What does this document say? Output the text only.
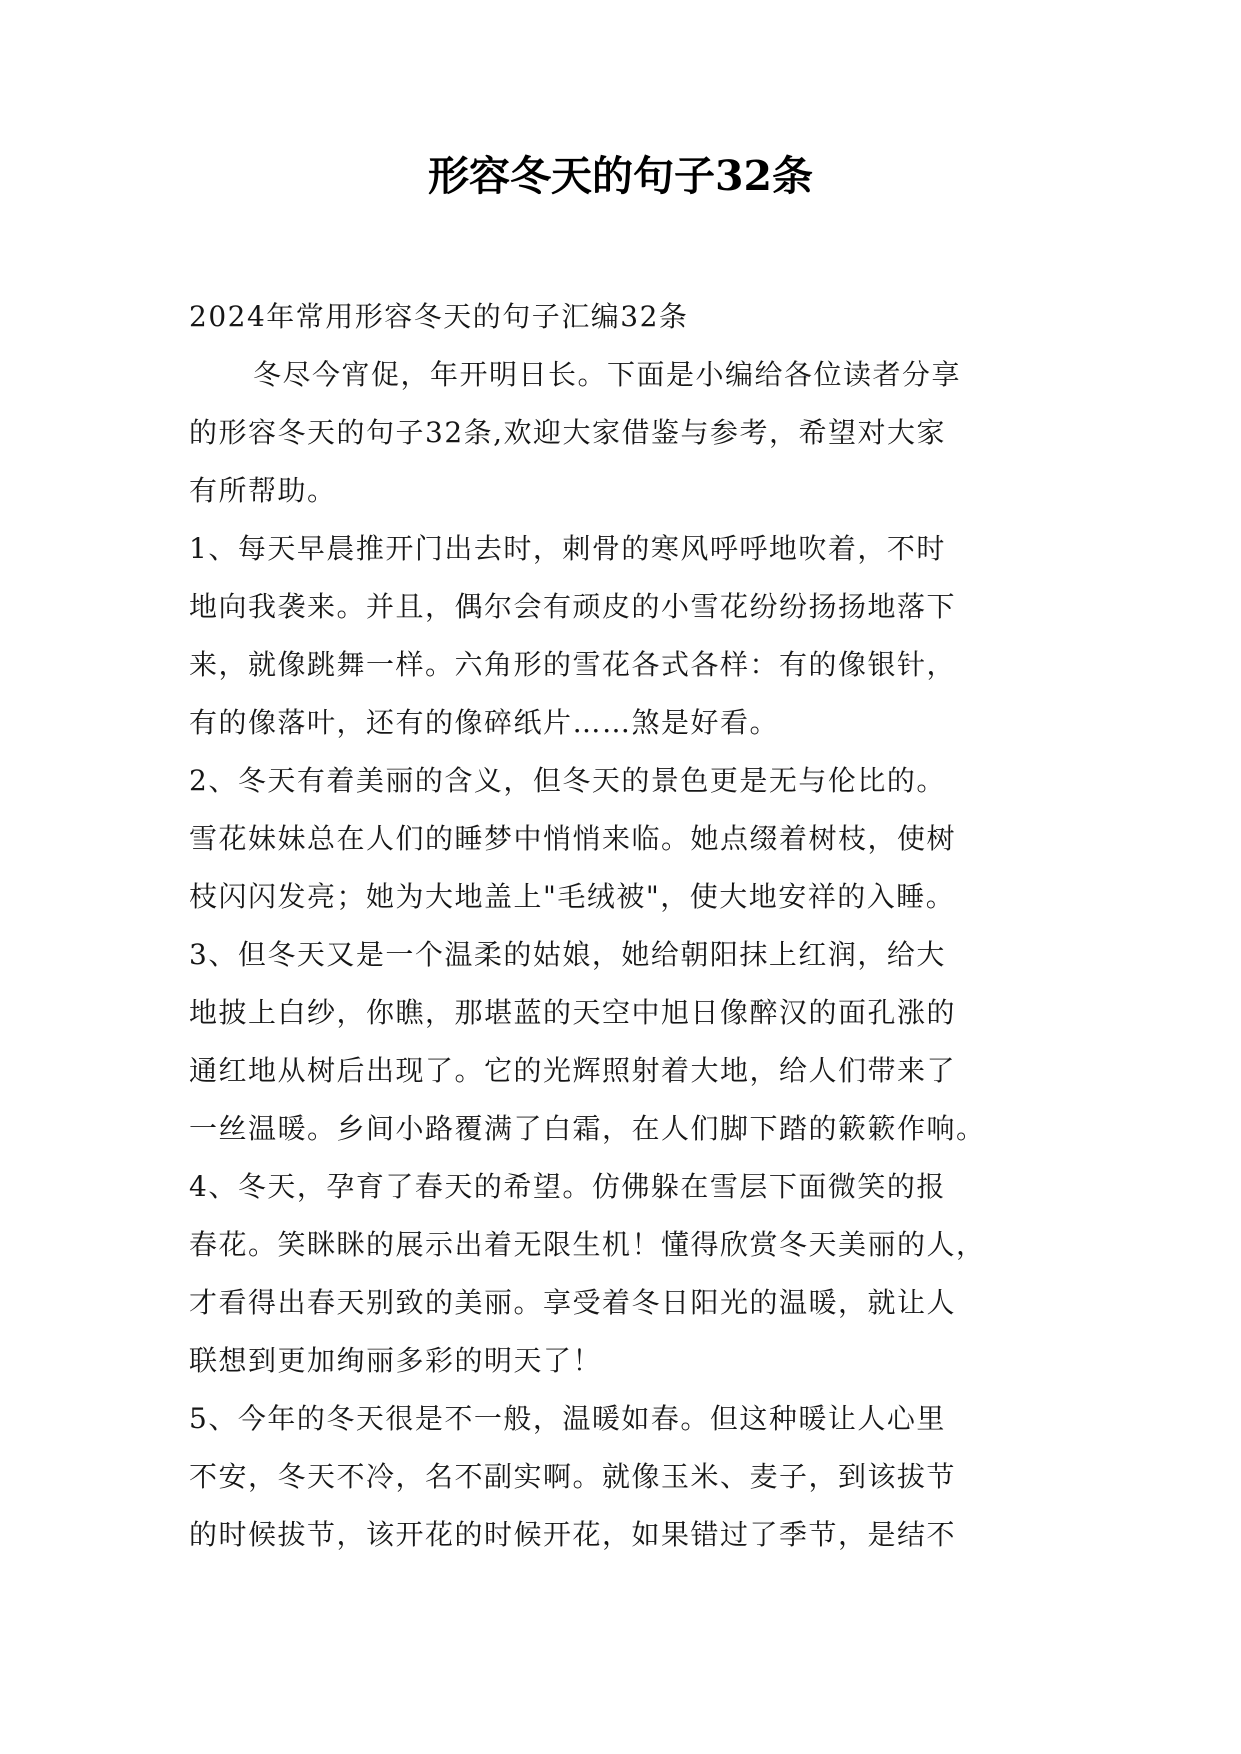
形容冬天的句子32条
2024年常用形容冬天的句子汇编32条
冬尽今宵促，年开明日长。下面是小编给各位读者分享
的形容冬天的句子32条,欢迎大家借鉴与参考，希望对大家
有所帮助。
1、每天早晨推开门出去时，刺骨的寒风呼呼地吹着，不时
地向我袭来。并且，偶尔会有顽皮的小雪花纷纷扬扬地落下
来，就像跳舞一样。六角形的雪花各式各样：有的像银针，
有的像落叶，还有的像碎纸片……煞是好看。
2、冬天有着美丽的含义，但冬天的景色更是无与伦比的。
雪花妹妹总在人们的睡梦中悄悄来临。她点缀着树枝，使树
枝闪闪发亮；她为大地盖上"毛绒被"，使大地安祥的入睡。
3、但冬天又是一个温柔的姑娘，她给朝阳抹上红润，给大
地披上白纱，你瞧，那堪蓝的天空中旭日像醉汉的面孔涨的
通红地从树后出现了。它的光辉照射着大地，给人们带来了
一丝温暖。乡间小路覆满了白霜，在人们脚下踏的簌簌作响。
4、冬天，孕育了春天的希望。仿佛躲在雪层下面微笑的报
春花。笑眯眯的展示出着无限生机！懂得欣赏冬天美丽的人，
才看得出春天别致的美丽。享受着冬日阳光的温暖，就让人
联想到更加绚丽多彩的明天了！
5、今年的冬天很是不一般，温暖如春。但这种暖让人心里
不安，冬天不冷，名不副实啊。就像玉米、麦子，到该拔节
的时候拔节，该开花的时候开花，如果错过了季节，是结不
